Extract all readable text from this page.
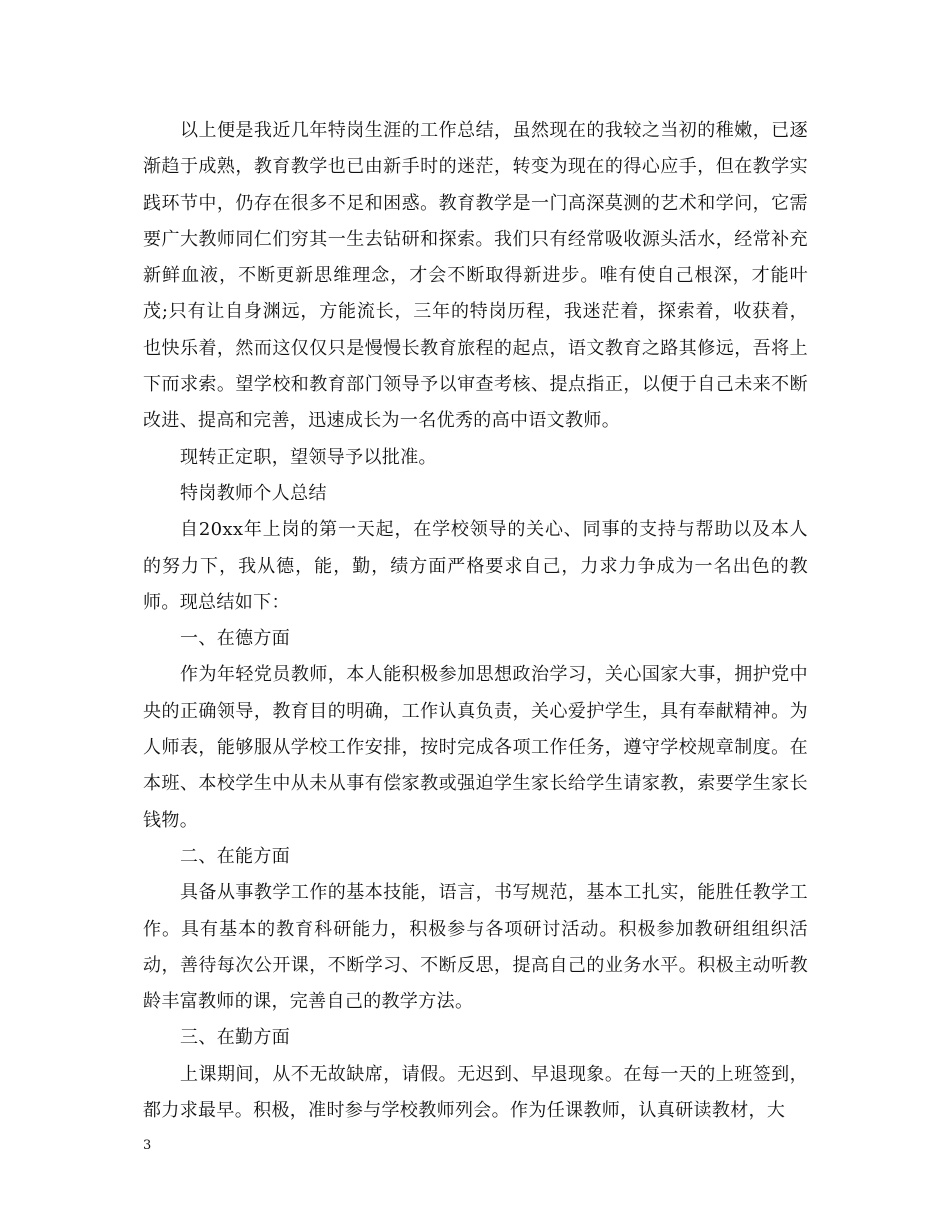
以上便是我近几年特岗生涯的工作总结，虽然现在的我较之当初的稚嫩，已逐渐趋于成熟，教育教学也已由新手时的迷茫，转变为现在的得心应手，但在教学实践环节中，仍存在很多不足和困惑。教育教学是一门高深莫测的艺术和学问，它需要广大教师同仁们穷其一生去钻研和探索。我们只有经常吸收源头活水，经常补充新鲜血液，不断更新思维理念，才会不断取得新进步。唯有使自己根深，才能叶茂;只有让自身渊远，方能流长，三年的特岗历程，我迷茫着，探索着，收获着，也快乐着，然而这仅仅只是慢慢长教育旅程的起点，语文教育之路其修远，吾将上下而求索。望学校和教育部门领导予以审查考核、提点指正，以便于自己未来不断改进、提高和完善，迅速成长为一名优秀的高中语文教师。

现转正定职，望领导予以批准。

特岗教师个人总结

自20xx年上岗的第一天起，在学校领导的关心、同事的支持与帮助以及本人的努力下，我从德，能，勤，绩方面严格要求自己，力求力争成为一名出色的教师。现总结如下：

一、在德方面

作为年轻党员教师，本人能积极参加思想政治学习，关心国家大事，拥护党中央的正确领导，教育目的明确，工作认真负责，关心爱护学生，具有奉献精神。为人师表，能够服从学校工作安排，按时完成各项工作任务，遵守学校规章制度。在本班、本校学生中从未从事有偿家教或强迫学生家长给学生请家教，索要学生家长钱物。

二、在能方面

具备从事教学工作的基本技能，语言，书写规范，基本工扎实，能胜任教学工作。具有基本的教育科研能力，积极参与各项研讨活动。积极参加教研组组织活动，善待每次公开课，不断学习、不断反思，提高自己的业务水平。积极主动听教龄丰富教师的课，完善自己的教学方法。

三、在勤方面

上课期间，从不无故缺席，请假。无迟到、早退现象。在每一天的上班签到，都力求最早。积极，准时参与学校教师列会。作为任课教师，认真研读教材，大

3
